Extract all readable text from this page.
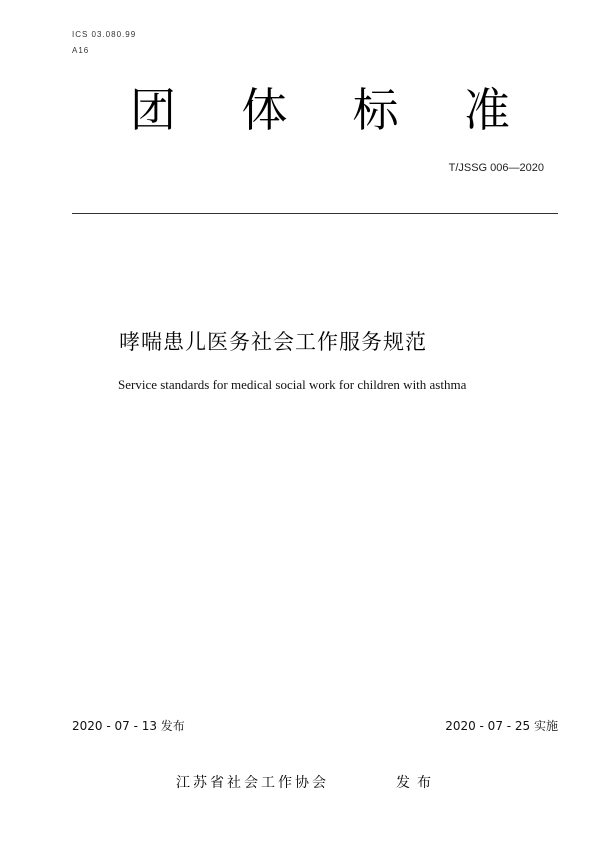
ICS 03.080.99
A16
团 体 标 准
T/JSSG 006—2020
哮喘患儿医务社会工作服务规范
Service standards for medical social work for children with asthma
2020 - 07 - 13 发布	2020 - 07 - 25 实施
江苏省社会工作协会	发布
